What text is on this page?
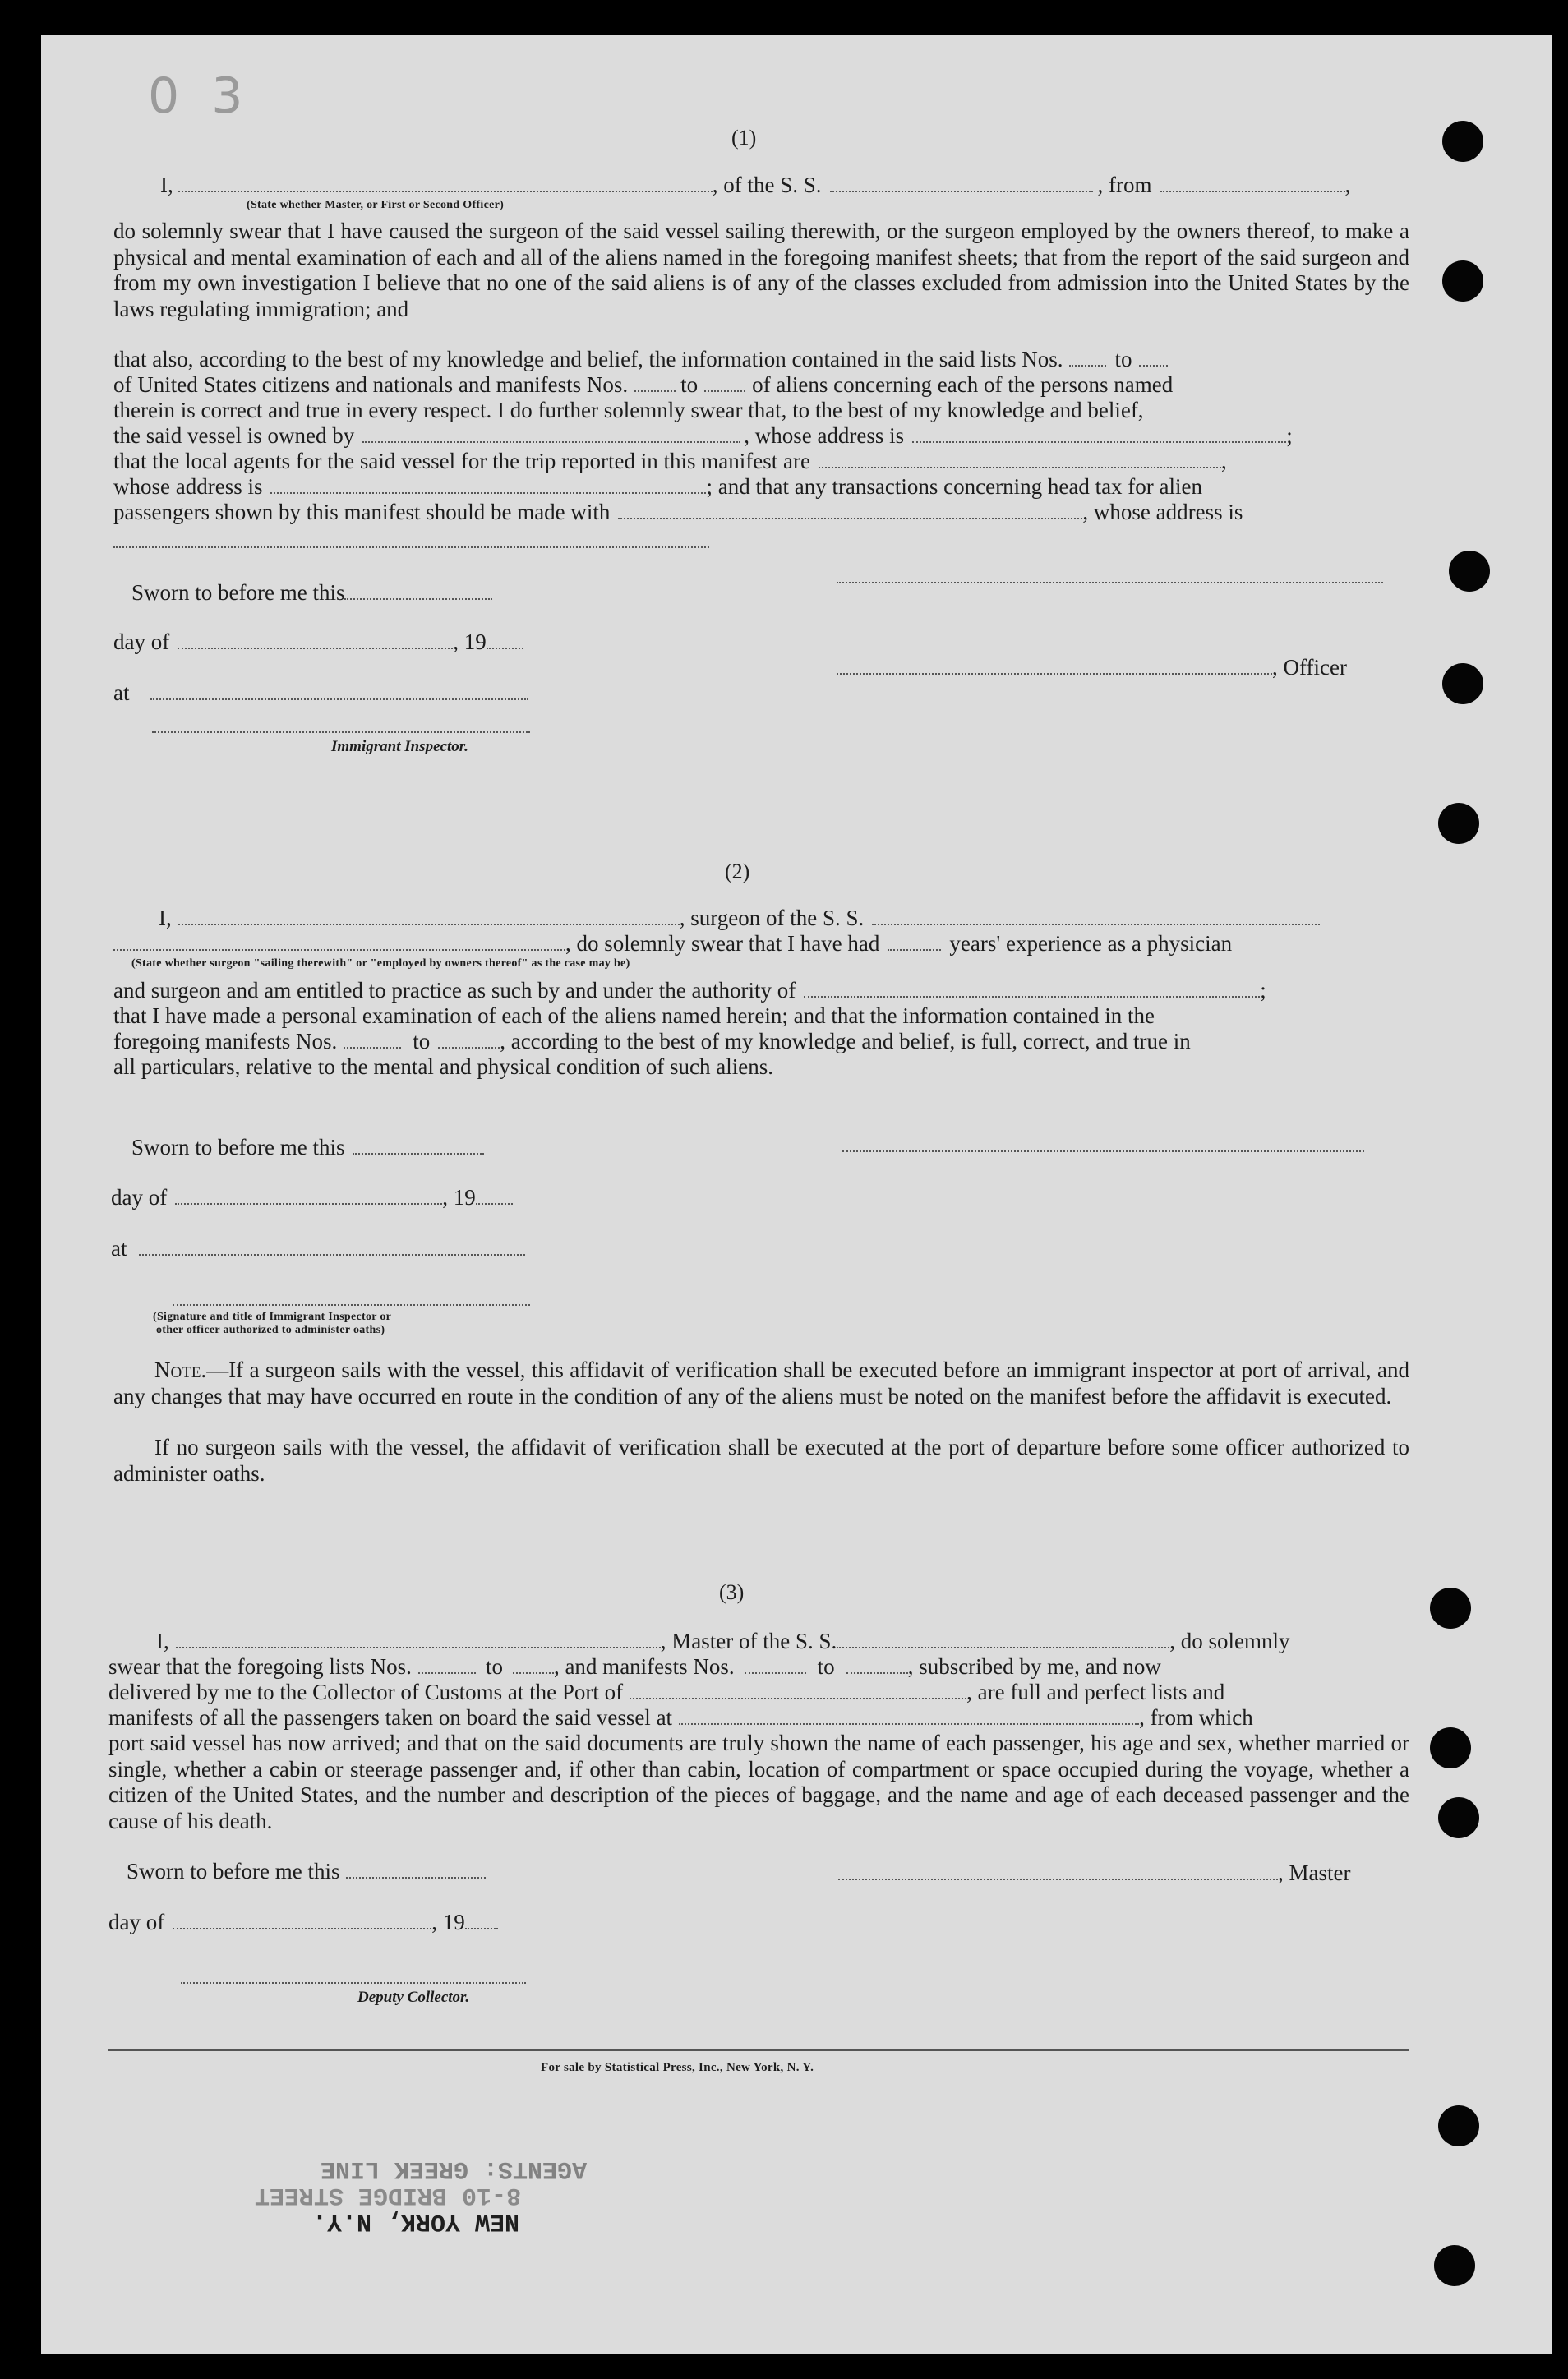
0 3
(1)
I,	, of the S. S.	, from	,
(State whether Master, or First or Second Officer)
do solemnly swear that I have caused the surgeon of the said vessel sailing therewith, or the surgeon employed by the owners thereof, to make a physical and mental examination of each and all of the aliens named in the foregoing manifest sheets; that from the report of the said surgeon and from my own investigation I believe that no one of the said aliens is of any of the classes excluded from admission into the United States by the laws regulating immigration; and
that also, according to the best of my knowledge and belief, the information contained in the said lists Nos. to
of United States citizens and nationals and manifests Nos. to of aliens concerning each of the persons named
therein is correct and true in every respect. I do further solemnly swear that, to the best of my knowledge and belief,
the said vessel is owned by	, whose address is	;
that the local agents for the said vessel for the trip reported in this manifest are	,
whose address is	; and that any transactions concerning head tax for alien
passengers shown by this manifest should be made with	, whose address is
Sworn to before me this
day of	, 19
, Officer
at
Immigrant Inspector.
(2)
I,	, surgeon of the S. S.
, do solemnly swear that I have had	years' experience as a physician
(State whether surgeon "sailing therewith" or "employed by owners thereof" as the case may be)
and surgeon and am entitled to practice as such by and under the authority of	;
that I have made a personal examination of each of the aliens named herein; and that the information contained in the
foregoing manifests Nos.	to	, according to the best of my knowledge and belief, is full, correct, and true in
all particulars, relative to the mental and physical condition of such aliens.
Sworn to before me this
day of	, 19
at
(Signature and title of Immigrant Inspector or
other officer authorized to administer oaths)
Note.—If a surgeon sails with the vessel, this affidavit of verification shall be executed before an immigrant inspector at port of arrival, and any changes that may have occurred en route in the condition of any of the aliens must be noted on the manifest before the affidavit is executed.
If no surgeon sails with the vessel, the affidavit of verification shall be executed at the port of departure before some officer authorized to administer oaths.
(3)
I,	, Master of the S. S.	, do solemnly
swear that the foregoing lists Nos.	to , and manifests Nos.	to	, subscribed by me, and now
delivered by me to the Collector of Customs at the Port of	, are full and perfect lists and
manifests of all the passengers taken on board the said vessel at	, from which
port said vessel has now arrived; and that on the said documents are truly shown the name of each passenger, his age and sex, whether married or single, whether a cabin or steerage passenger and, if other than cabin, location of compartment or space occupied during the voyage, whether a citizen of the United States, and the number and description of the pieces of baggage, and the name and age of each deceased passenger and the cause of his death.
Sworn to before me this	, Master
day of	, 19
Deputy Collector.
For sale by Statistical Press, Inc., New York, N. Y.
AGENTS: GREEK LINE
8-10 BRIDGE STREET
NEW YORK, N.Y.
